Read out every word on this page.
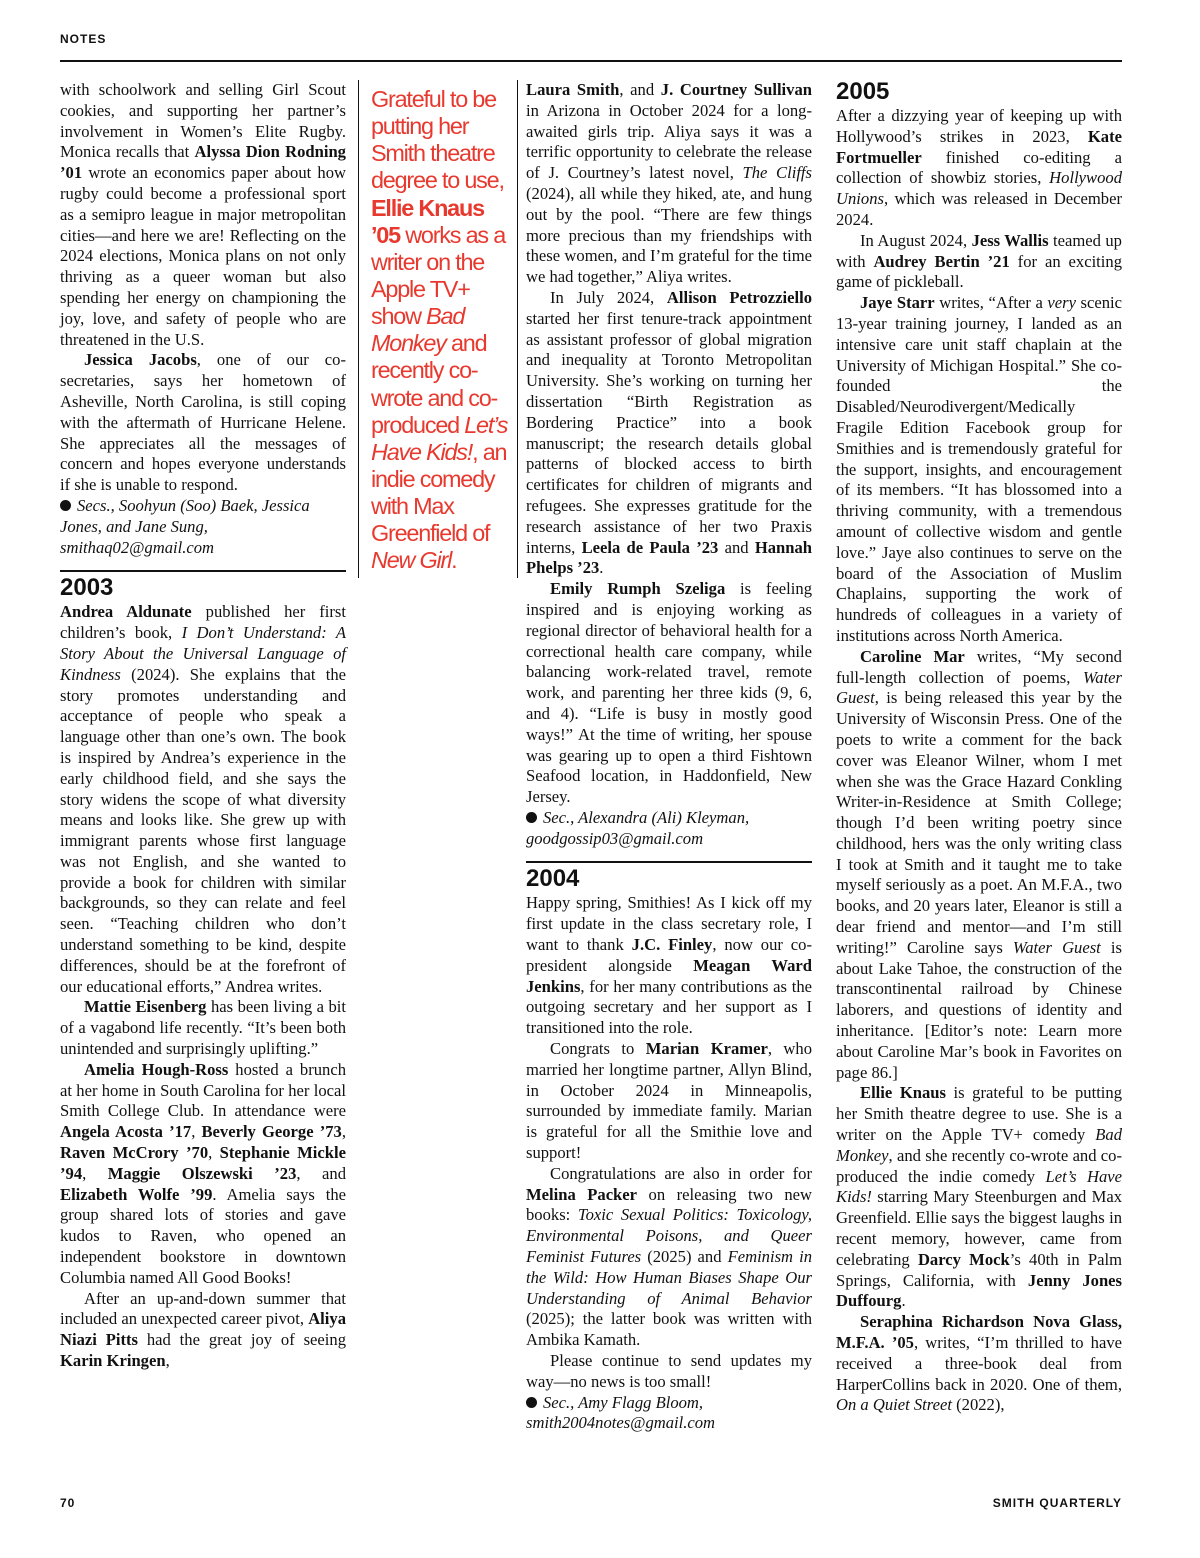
NOTES

with schoolwork and selling Girl Scout cookies, and supporting her partner’s involvement in Women’s Elite Rugby. Monica recalls that Alyssa Dion Rodning ’01 wrote an economics paper about how rugby could become a professional sport as a semipro league in major metropolitan cities—and here we are! Reflecting on the 2024 elections, Monica plans on not only thriving as a queer woman but also spending her energy on championing the joy, love, and safety of people who are threatened in the U.S.

Jessica Jacobs, one of our co-secretaries, says her hometown of Asheville, North Carolina, is still coping with the aftermath of Hurricane Helene. She appreciates all the messages of concern and hopes everyone understands if she is unable to respond.

Secs., Soohyun (Soo) Baek, Jessica Jones, and Jane Sung, smithaq02@gmail.com

2003

Andrea Aldunate published her first children’s book, I Don’t Understand: A Story About the Universal Language of Kindness (2024). She explains that the story promotes understanding and acceptance of people who speak a language other than one’s own. The book is inspired by Andrea’s experience in the early childhood field, and she says the story widens the scope of what diversity means and looks like. She grew up with immigrant parents whose first language was not English, and she wanted to provide a book for children with similar backgrounds, so they can relate and feel seen. “Teaching children who don’t understand something to be kind, despite differences, should be at the forefront of our educational efforts,” Andrea writes.

Mattie Eisenberg has been living a bit of a vagabond life recently. “It’s been both unintended and surprisingly uplifting.”

Amelia Hough-Ross hosted a brunch at her home in South Carolina for her local Smith College Club. In attendance were Angela Acosta ’17, Beverly George ’73, Raven McCrory ’70, Stephanie Mickle ’94, Maggie Olszewski ’23, and Elizabeth Wolfe ’99. Amelia says the group shared lots of stories and gave kudos to Raven, who opened an independent bookstore in downtown Columbia named All Good Books!

After an up-and-down summer that included an unexpected career pivot, Aliya Niazi Pitts had the great joy of seeing Karin Kringen,

Grateful to be putting her Smith theatre degree to use, Ellie Knaus ’05 works as a writer on the Apple TV+ show Bad Monkey and recently co-wrote and co-produced Let’s Have Kids!, an indie comedy with Max Greenfield of New Girl.

Laura Smith, and J. Courtney Sullivan in Arizona in October 2024 for a long-awaited girls trip. Aliya says it was a terrific opportunity to celebrate the release of J. Courtney’s latest novel, The Cliffs (2024), all while they hiked, ate, and hung out by the pool. “There are few things more precious than my friendships with these women, and I’m grateful for the time we had together,” Aliya writes.

In July 2024, Allison Petrozziello started her first tenure-track appointment as assistant professor of global migration and inequality at Toronto Metropolitan University. She’s working on turning her dissertation “Birth Registration as Bordering Practice” into a book manuscript; the research details global patterns of blocked access to birth certificates for children of migrants and refugees. She expresses gratitude for the research assistance of her two Praxis interns, Leela de Paula ’23 and Hannah Phelps ’23.

Emily Rumph Szeliga is feeling inspired and is enjoying working as regional director of behavioral health for a correctional health care company, while balancing work-related travel, remote work, and parenting her three kids (9, 6, and 4). “Life is busy in mostly good ways!” At the time of writing, her spouse was gearing up to open a third Fishtown Seafood location, in Haddonfield, New Jersey.

Sec., Alexandra (Ali) Kleyman, goodgossip03@gmail.com

2004

Happy spring, Smithies! As I kick off my first update in the class secretary role, I want to thank J.C. Finley, now our co-president alongside Meagan Ward Jenkins, for her many contributions as the outgoing secretary and her support as I transitioned into the role.

Congrats to Marian Kramer, who married her longtime partner, Allyn Blind, in October 2024 in Minneapolis, surrounded by immediate family. Marian is grateful for all the Smithie love and support!

Congratulations are also in order for Melina Packer on releasing two new books: Toxic Sexual Politics: Toxicology, Environmental Poisons, and Queer Feminist Futures (2025) and Feminism in the Wild: How Human Biases Shape Our Understanding of Animal Behavior (2025); the latter book was written with Ambika Kamath.

Please continue to send updates my way—no news is too small!

Sec., Amy Flagg Bloom, smith2004notes@gmail.com

2005

After a dizzying year of keeping up with Hollywood’s strikes in 2023, Kate Fortmueller finished co-editing a collection of showbiz stories, Hollywood Unions, which was released in December 2024.

In August 2024, Jess Wallis teamed up with Audrey Bertin ’21 for an exciting game of pickleball.

Jaye Starr writes, “After a very scenic 13-year training journey, I landed as an intensive care unit staff chaplain at the University of Michigan Hospital.” She co-founded the Disabled/Neurodivergent/Medically Fragile Edition Facebook group for Smithies and is tremendously grateful for the support, insights, and encouragement of its members. “It has blossomed into a thriving community, with a tremendous amount of collective wisdom and gentle love.” Jaye also continues to serve on the board of the Association of Muslim Chaplains, supporting the work of hundreds of colleagues in a variety of institutions across North America.

Caroline Mar writes, “My second full-length collection of poems, Water Guest, is being released this year by the University of Wisconsin Press. One of the poets to write a comment for the back cover was Eleanor Wilner, whom I met when she was the Grace Hazard Conkling Writer-in-Residence at Smith College; though I’d been writing poetry since childhood, hers was the only writing class I took at Smith and it taught me to take myself seriously as a poet. An M.F.A., two books, and 20 years later, Eleanor is still a dear friend and mentor—and I’m still writing!” Caroline says Water Guest is about Lake Tahoe, the construction of the transcontinental railroad by Chinese laborers, and questions of identity and inheritance. [Editor’s note: Learn more about Caroline Mar’s book in Favorites on page 86.]

Ellie Knaus is grateful to be putting her Smith theatre degree to use. She is a writer on the Apple TV+ comedy Bad Monkey, and she recently co-wrote and co-produced the indie comedy Let’s Have Kids! starring Mary Steenburgen and Max Greenfield. Ellie says the biggest laughs in recent memory, however, came from celebrating Darcy Mock’s 40th in Palm Springs, California, with Jenny Jones Duffourg.

Seraphina Richardson Nova Glass, M.F.A. ’05, writes, “I’m thrilled to have received a three-book deal from HarperCollins back in 2020. One of them, On a Quiet Street (2022),

70	SMITH QUARTERLY
